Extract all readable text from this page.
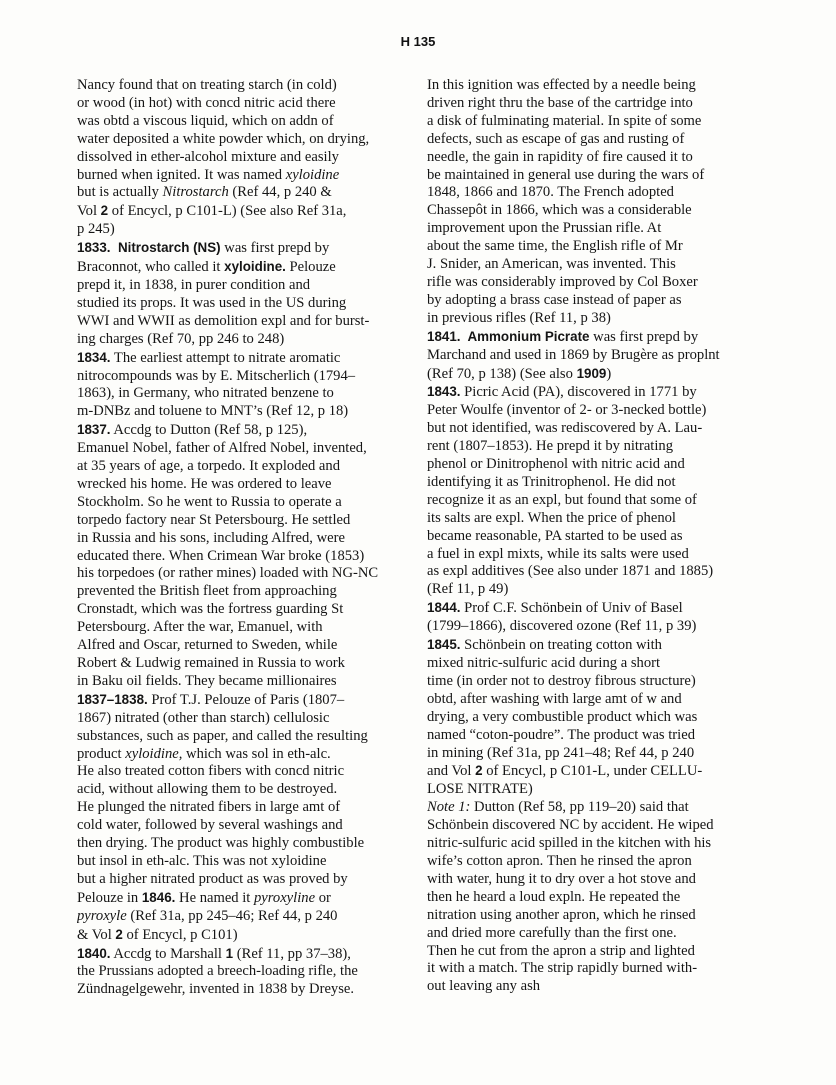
H 135
Nancy found that on treating starch (in cold)
or wood (in hot) with concd nitric acid there
was obtd a viscous liquid, which on addn of
water deposited a white powder which, on drying,
dissolved in ether-alcohol mixture and easily
burned when ignited. It was named xyloidine
but is actually Nitrostarch (Ref 44, p 240 &
Vol 2 of Encycl, p C101-L) (See also Ref 31a,
p 245)
1833.  Nitrostarch (NS) was first prepd by
Braconnot, who called it xyloidine. Pelouze
prepd it, in 1838, in purer condition and
studied its props. It was used in the US during
WWI and WWII as demolition expl and for burst-
ing charges (Ref 70, pp 246 to 248)
1834. The earliest attempt to nitrate aromatic
nitrocompounds was by E. Mitscherlich (1794–
1863), in Germany, who nitrated benzene to
m-DNBz and toluene to MNT’s (Ref 12, p 18)
1837. Accdg to Dutton (Ref 58, p 125),
Emanuel Nobel, father of Alfred Nobel, invented,
at 35 years of age, a torpedo. It exploded and
wrecked his home. He was ordered to leave
Stockholm. So he went to Russia to operate a
torpedo factory near St Petersbourg. He settled
in Russia and his sons, including Alfred, were
educated there. When Crimean War broke (1853)
his torpedoes (or rather mines) loaded with NG-NC
prevented the British fleet from approaching
Cronstadt, which was the fortress guarding St
Petersbourg. After the war, Emanuel, with
Alfred and Oscar, returned to Sweden, while
Robert & Ludwig remained in Russia to work
in Baku oil fields. They became millionaires
1837–1838. Prof T.J. Pelouze of Paris (1807–
1867) nitrated (other than starch) cellulosic
substances, such as paper, and called the resulting
product xyloidine, which was sol in eth-alc.
He also treated cotton fibers with concd nitric
acid, without allowing them to be destroyed.
He plunged the nitrated fibers in large amt of
cold water, followed by several washings and
then drying. The product was highly combustible
but insol in eth-alc. This was not xyloidine
but a higher nitrated product as was proved by
Pelouze in 1846. He named it pyroxyline or
pyroxyle (Ref 31a, pp 245–46; Ref 44, p 240
& Vol 2 of Encycl, p C101)
1840. Accdg to Marshall 1 (Ref 11, pp 37–38),
the Prussians adopted a breech-loading rifle, the
Zündnagelgewehr, invented in 1838 by Dreyse.
In this ignition was effected by a needle being
driven right thru the base of the cartridge into
a disk of fulminating material. In spite of some
defects, such as escape of gas and rusting of
needle, the gain in rapidity of fire caused it to
be maintained in general use during the wars of
1848, 1866 and 1870. The French adopted
Chassepôt in 1866, which was a considerable
improvement upon the Prussian rifle. At
about the same time, the English rifle of Mr
J. Snider, an American, was invented. This
rifle was considerably improved by Col Boxer
by adopting a brass case instead of paper as
in previous rifles (Ref 11, p 38)
1841.  Ammonium Picrate was first prepd by
Marchand and used in 1869 by Brugère as proplnt
(Ref 70, p 138) (See also 1909)
1843. Picric Acid (PA), discovered in 1771 by
Peter Woulfe (inventor of 2- or 3-necked bottle)
but not identified, was rediscovered by A. Lau-
rent (1807–1853). He prepd it by nitrating
phenol or Dinitrophenol with nitric acid and
identifying it as Trinitrophenol. He did not
recognize it as an expl, but found that some of
its salts are expl. When the price of phenol
became reasonable, PA started to be used as
a fuel in expl mixts, while its salts were used
as expl additives (See also under 1871 and 1885)
(Ref 11, p 49)
1844. Prof C.F. Schönbein of Univ of Basel
(1799–1866), discovered ozone (Ref 11, p 39)
1845. Schönbein on treating cotton with
mixed nitric-sulfuric acid during a short
time (in order not to destroy fibrous structure)
obtd, after washing with large amt of w and
drying, a very combustible product which was
named “coton-poudre”. The product was tried
in mining (Ref 31a, pp 241–48; Ref 44, p 240
and Vol 2 of Encycl, p C101-L, under CELLU-
LOSE NITRATE)
Note 1: Dutton (Ref 58, pp 119–20) said that
Schönbein discovered NC by accident. He wiped
nitric-sulfuric acid spilled in the kitchen with his
wife’s cotton apron. Then he rinsed the apron
with water, hung it to dry over a hot stove and
then he heard a loud expln. He repeated the
nitration using another apron, which he rinsed
and dried more carefully than the first one.
Then he cut from the apron a strip and lighted
it with a match. The strip rapidly burned with-
out leaving any ash
